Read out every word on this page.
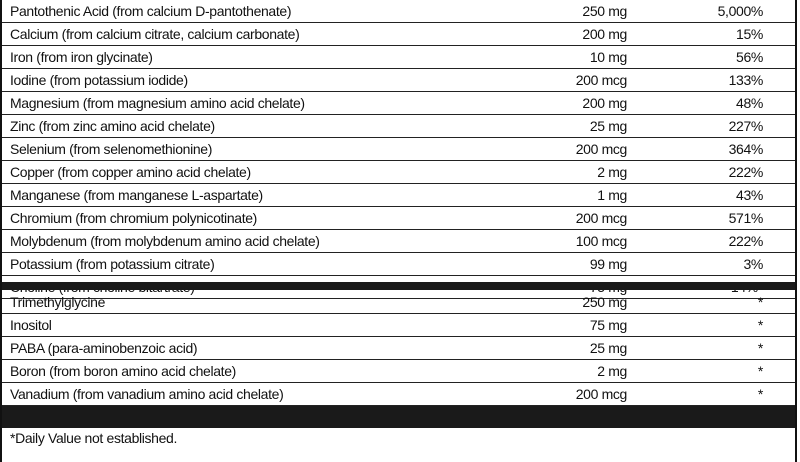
Pantothenic Acid (from calcium D-pantothenate)	250 mg	5,000%
Calcium (from calcium citrate, calcium carbonate)	200 mg	15%
Iron (from iron glycinate)	10 mg	56%
Iodine (from potassium iodide)	200 mcg	133%
Magnesium (from magnesium amino acid chelate)	200 mg	48%
Zinc (from zinc amino acid chelate)	25 mg	227%
Selenium (from selenomethionine)	200 mcg	364%
Copper (from copper amino acid chelate)	2 mg	222%
Manganese (from manganese L-aspartate)	1 mg	43%
Chromium (from chromium polynicotinate)	200 mcg	571%
Molybdenum (from molybdenum amino acid chelate)	100 mcg	222%
Potassium (from potassium citrate)	99 mg	3%
Trimethylglycine	250 mg	*
Inositol	75 mg	*
PABA (para-aminobenzoic acid)	25 mg	*
Boron (from boron amino acid chelate)	2 mg	*
Vanadium (from vanadium amino acid chelate)	200 mcg	*
*Daily Value not established.
